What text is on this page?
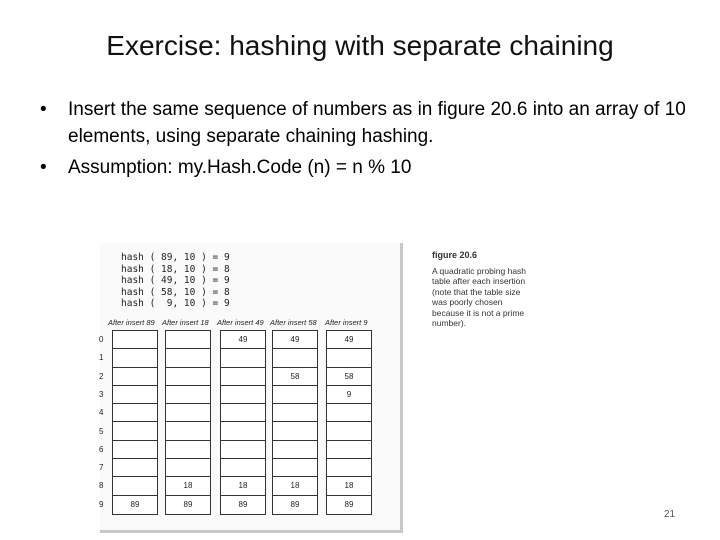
Exercise: hashing with separate chaining
• Insert the same sequence of numbers as in figure 20.6 into an array of 10 elements, using separate chaining hashing.
• Assumption: my.Hash.Code (n) = n % 10
hash ( 89, 10 ) = 9
hash ( 18, 10 ) = 8
hash ( 49, 10 ) = 9
hash ( 58, 10 ) = 8
hash (  9, 10 ) = 9
After insert 89 After insert 18 After insert 49 After insert 58 After insert 9
0
1
2
3
4
5
6
7
8
9	89
18
89
49
18
89
49
58
18
89
49
58
9
18
89
figure 20.6
A quadratic probing hash table after each insertion (note that the table size was poorly chosen because it is not a prime number).
21
